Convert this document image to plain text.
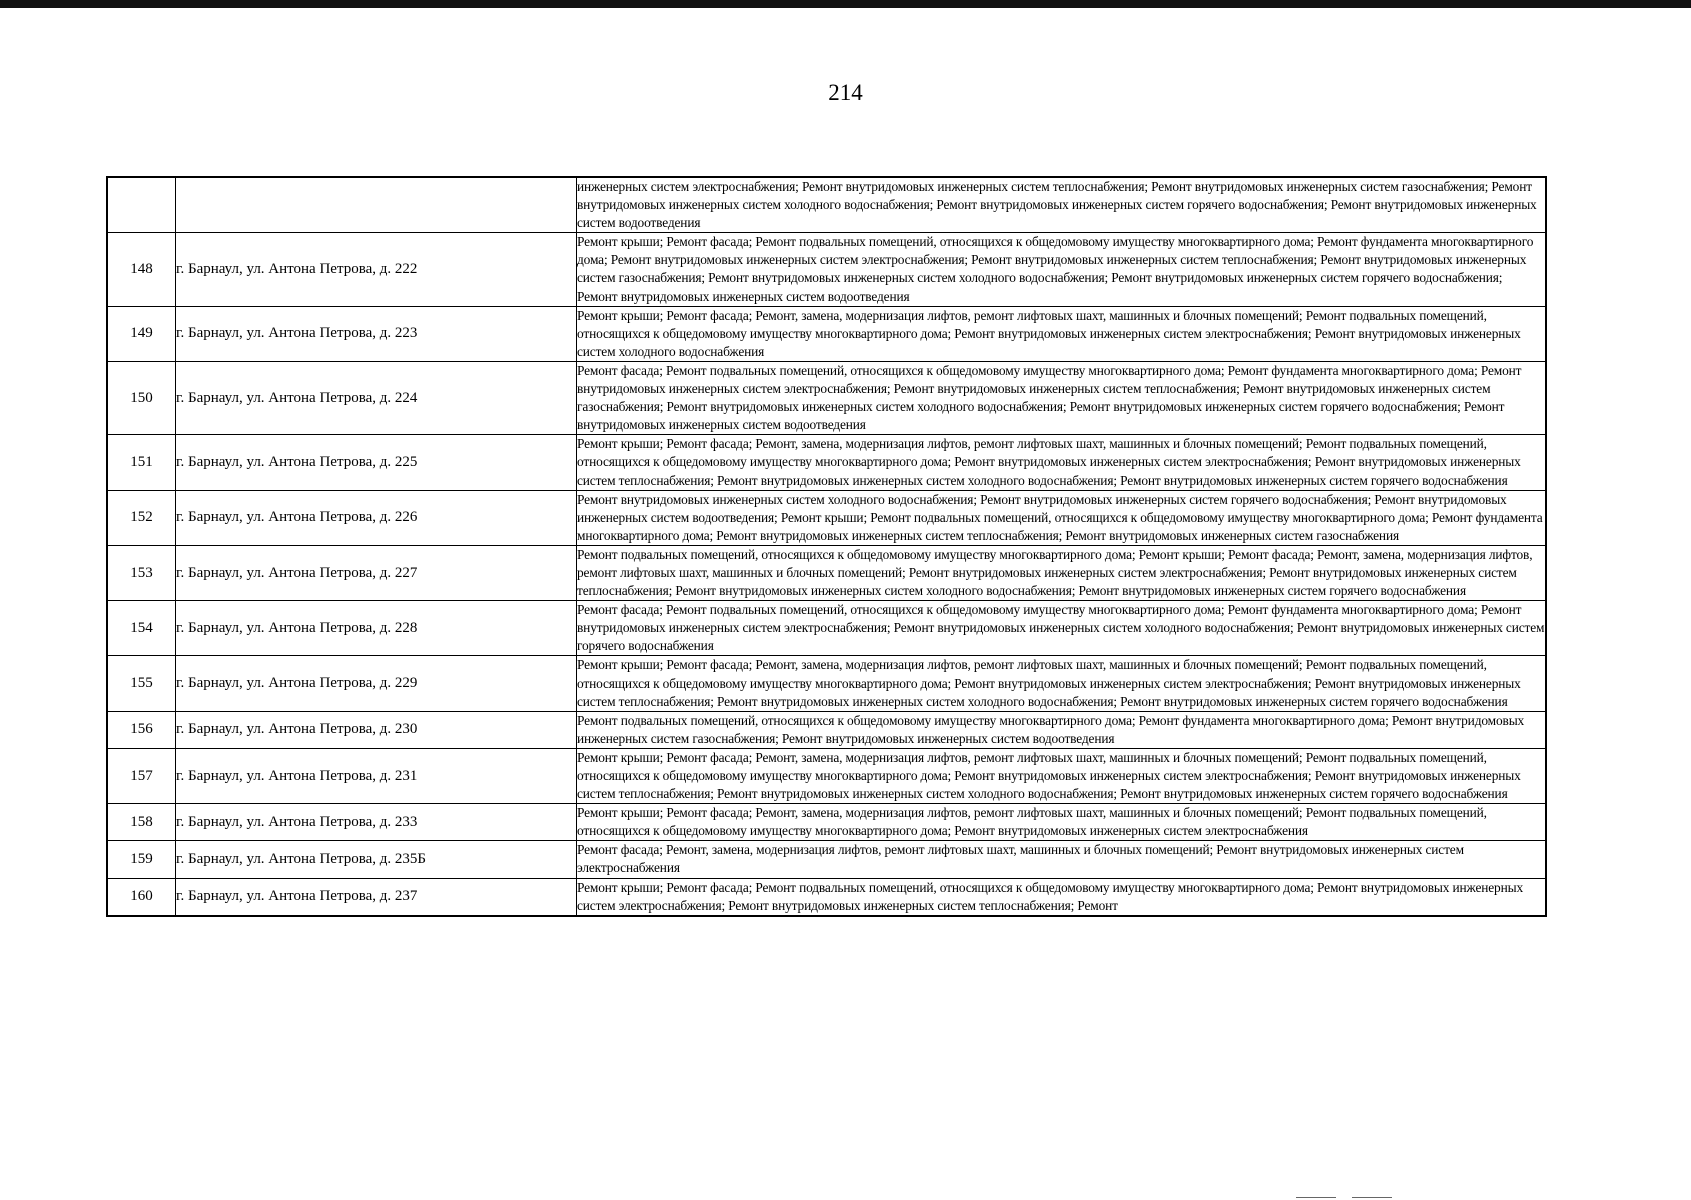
214
		инженерных систем электроснабжения; Ремонт внутридомовых инженерных систем теплоснабжения; Ремонт внутридомовых инженерных систем газоснабжения; Ремонт внутридомовых инженерных систем холодного водоснабжения; Ремонт внутридомовых инженерных систем горячего водоснабжения; Ремонт внутридомовых инженерных систем водоотведения
148	г. Барнаул, ул. Антона Петрова, д. 222	Ремонт крыши; Ремонт фасада; Ремонт подвальных помещений, относящихся к общедомовому имуществу многоквартирного дома; Ремонт фундамента многоквартирного дома; Ремонт внутридомовых инженерных систем электроснабжения; Ремонт внутридомовых инженерных систем теплоснабжения; Ремонт внутридомовых инженерных систем газоснабжения; Ремонт внутридомовых инженерных систем холодного водоснабжения; Ремонт внутридомовых инженерных систем горячего водоснабжения; Ремонт внутридомовых инженерных систем водоотведения
149	г. Барнаул, ул. Антона Петрова, д. 223	Ремонт крыши; Ремонт фасада; Ремонт, замена, модернизация лифтов, ремонт лифтовых шахт, машинных и блочных помещений; Ремонт подвальных помещений, относящихся к общедомовому имуществу многоквартирного дома; Ремонт внутридомовых инженерных систем электроснабжения; Ремонт внутридомовых инженерных систем холодного водоснабжения
150	г. Барнаул, ул. Антона Петрова, д. 224	Ремонт фасада; Ремонт подвальных помещений, относящихся к общедомовому имуществу многоквартирного дома; Ремонт фундамента многоквартирного дома; Ремонт внутридомовых инженерных систем электроснабжения; Ремонт внутридомовых инженерных систем теплоснабжения; Ремонт внутридомовых инженерных систем газоснабжения; Ремонт внутридомовых инженерных систем холодного водоснабжения; Ремонт внутридомовых инженерных систем горячего водоснабжения; Ремонт внутридомовых инженерных систем водоотведения
151	г. Барнаул, ул. Антона Петрова, д. 225	Ремонт крыши; Ремонт фасада; Ремонт, замена, модернизация лифтов, ремонт лифтовых шахт, машинных и блочных помещений; Ремонт подвальных помещений, относящихся к общедомовому имуществу многоквартирного дома; Ремонт внутридомовых инженерных систем электроснабжения; Ремонт внутридомовых инженерных систем теплоснабжения; Ремонт внутридомовых инженерных систем холодного водоснабжения; Ремонт внутридомовых инженерных систем горячего водоснабжения
152	г. Барнаул, ул. Антона Петрова, д. 226	Ремонт внутридомовых инженерных систем холодного водоснабжения; Ремонт внутридомовых инженерных систем горячего водоснабжения; Ремонт внутридомовых инженерных систем водоотведения; Ремонт крыши; Ремонт подвальных помещений, относящихся к общедомовому имуществу многоквартирного дома; Ремонт фундамента многоквартирного дома; Ремонт внутридомовых инженерных систем теплоснабжения; Ремонт внутридомовых инженерных систем газоснабжения
153	г. Барнаул, ул. Антона Петрова, д. 227	Ремонт подвальных помещений, относящихся к общедомовому имуществу многоквартирного дома; Ремонт крыши; Ремонт фасада; Ремонт, замена, модернизация лифтов, ремонт лифтовых шахт, машинных и блочных помещений; Ремонт внутридомовых инженерных систем электроснабжения; Ремонт внутридомовых инженерных систем теплоснабжения; Ремонт внутридомовых инженерных систем холодного водоснабжения; Ремонт внутридомовых инженерных систем горячего водоснабжения
154	г. Барнаул, ул. Антона Петрова, д. 228	Ремонт фасада; Ремонт подвальных помещений, относящихся к общедомовому имуществу многоквартирного дома; Ремонт фундамента многоквартирного дома; Ремонт внутридомовых инженерных систем электроснабжения; Ремонт внутридомовых инженерных систем холодного водоснабжения; Ремонт внутридомовых инженерных систем горячего водоснабжения
155	г. Барнаул, ул. Антона Петрова, д. 229	Ремонт крыши; Ремонт фасада; Ремонт, замена, модернизация лифтов, ремонт лифтовых шахт, машинных и блочных помещений; Ремонт подвальных помещений, относящихся к общедомовому имуществу многоквартирного дома; Ремонт внутридомовых инженерных систем электроснабжения; Ремонт внутридомовых инженерных систем теплоснабжения; Ремонт внутридомовых инженерных систем холодного водоснабжения; Ремонт внутридомовых инженерных систем горячего водоснабжения
156	г. Барнаул, ул. Антона Петрова, д. 230	Ремонт подвальных помещений, относящихся к общедомовому имуществу многоквартирного дома; Ремонт фундамента многоквартирного дома; Ремонт внутридомовых инженерных систем газоснабжения; Ремонт внутридомовых инженерных систем водоотведения
157	г. Барнаул, ул. Антона Петрова, д. 231	Ремонт крыши; Ремонт фасада; Ремонт, замена, модернизация лифтов, ремонт лифтовых шахт, машинных и блочных помещений; Ремонт подвальных помещений, относящихся к общедомовому имуществу многоквартирного дома; Ремонт внутридомовых инженерных систем электроснабжения; Ремонт внутридомовых инженерных систем теплоснабжения; Ремонт внутридомовых инженерных систем холодного водоснабжения; Ремонт внутридомовых инженерных систем горячего водоснабжения
158	г. Барнаул, ул. Антона Петрова, д. 233	Ремонт крыши; Ремонт фасада; Ремонт, замена, модернизация лифтов, ремонт лифтовых шахт, машинных и блочных помещений; Ремонт подвальных помещений, относящихся к общедомовому имуществу многоквартирного дома; Ремонт внутридомовых инженерных систем электроснабжения
159	г. Барнаул, ул. Антона Петрова, д. 235Б	Ремонт фасада; Ремонт, замена, модернизация лифтов, ремонт лифтовых шахт, машинных и блочных помещений; Ремонт внутридомовых инженерных систем электроснабжения
160	г. Барнаул, ул. Антона Петрова, д. 237	Ремонт крыши; Ремонт фасада; Ремонт подвальных помещений, относящихся к общедомовому имуществу многоквартирного дома; Ремонт внутридомовых инженерных систем электроснабжения; Ремонт внутридомовых инженерных систем теплоснабжения; Ремонт
